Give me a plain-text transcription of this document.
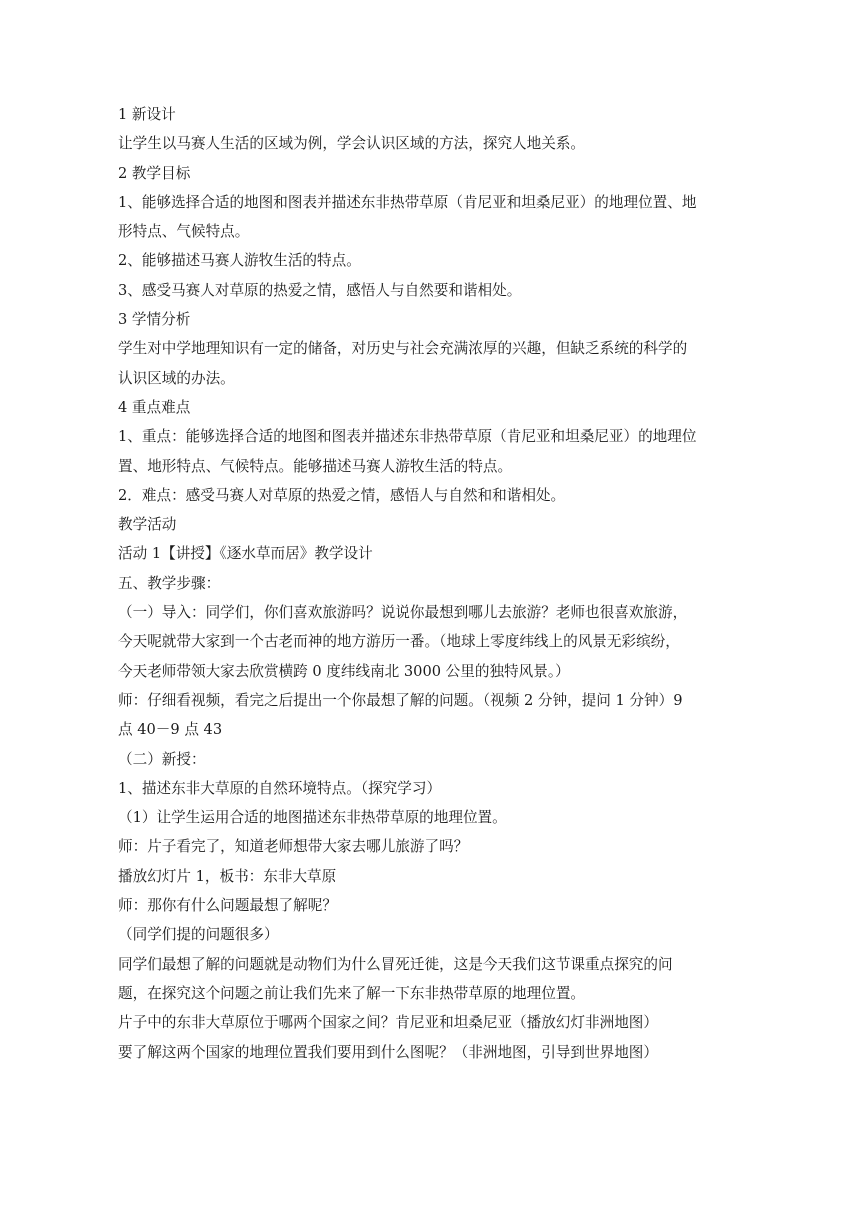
1 新设计
让学生以马赛人生活的区域为例，学会认识区域的方法，探究人地关系。
2 教学目标
1、能够选择合适的地图和图表并描述东非热带草原（肯尼亚和坦桑尼亚）的地理位置、地
形特点、气候特点。
2、能够描述马赛人游牧生活的特点。
3、感受马赛人对草原的热爱之情，感悟人与自然要和谐相处。
3 学情分析
学生对中学地理知识有一定的储备，对历史与社会充满浓厚的兴趣，但缺乏系统的科学的
认识区域的办法。
4 重点难点
1、重点：能够选择合适的地图和图表并描述东非热带草原（肯尼亚和坦桑尼亚）的地理位
置、地形特点、气候特点。能够描述马赛人游牧生活的特点。
2．难点：感受马赛人对草原的热爱之情，感悟人与自然和和谐相处。
教学活动
活动 1【讲授】《逐水草而居》教学设计
五、教学步骤：
（一）导入：同学们，你们喜欢旅游吗？说说你最想到哪儿去旅游？老师也很喜欢旅游，
今天呢就带大家到一个古老而神的地方游历一番。（地球上零度纬线上的风景无彩缤纷，
今天老师带领大家去欣赏横跨 0 度纬线南北 3000 公里的独特风景。）
师：仔细看视频，看完之后提出一个你最想了解的问题。（视频 2 分钟，提问 1 分钟）9
点 40－9 点 43
（二）新授：
1、描述东非大草原的自然环境特点。（探究学习）
（1）让学生运用合适的地图描述东非热带草原的地理位置。
师：片子看完了，知道老师想带大家去哪儿旅游了吗？
播放幻灯片 1，板书：东非大草原
师：那你有什么问题最想了解呢？
（同学们提的问题很多）
同学们最想了解的问题就是动物们为什么冒死迁徙，这是今天我们这节课重点探究的问
题，在探究这个问题之前让我们先来了解一下东非热带草原的地理位置。
片子中的东非大草原位于哪两个国家之间？肯尼亚和坦桑尼亚（播放幻灯非洲地图）
要了解这两个国家的地理位置我们要用到什么图呢？（非洲地图，引导到世界地图）
